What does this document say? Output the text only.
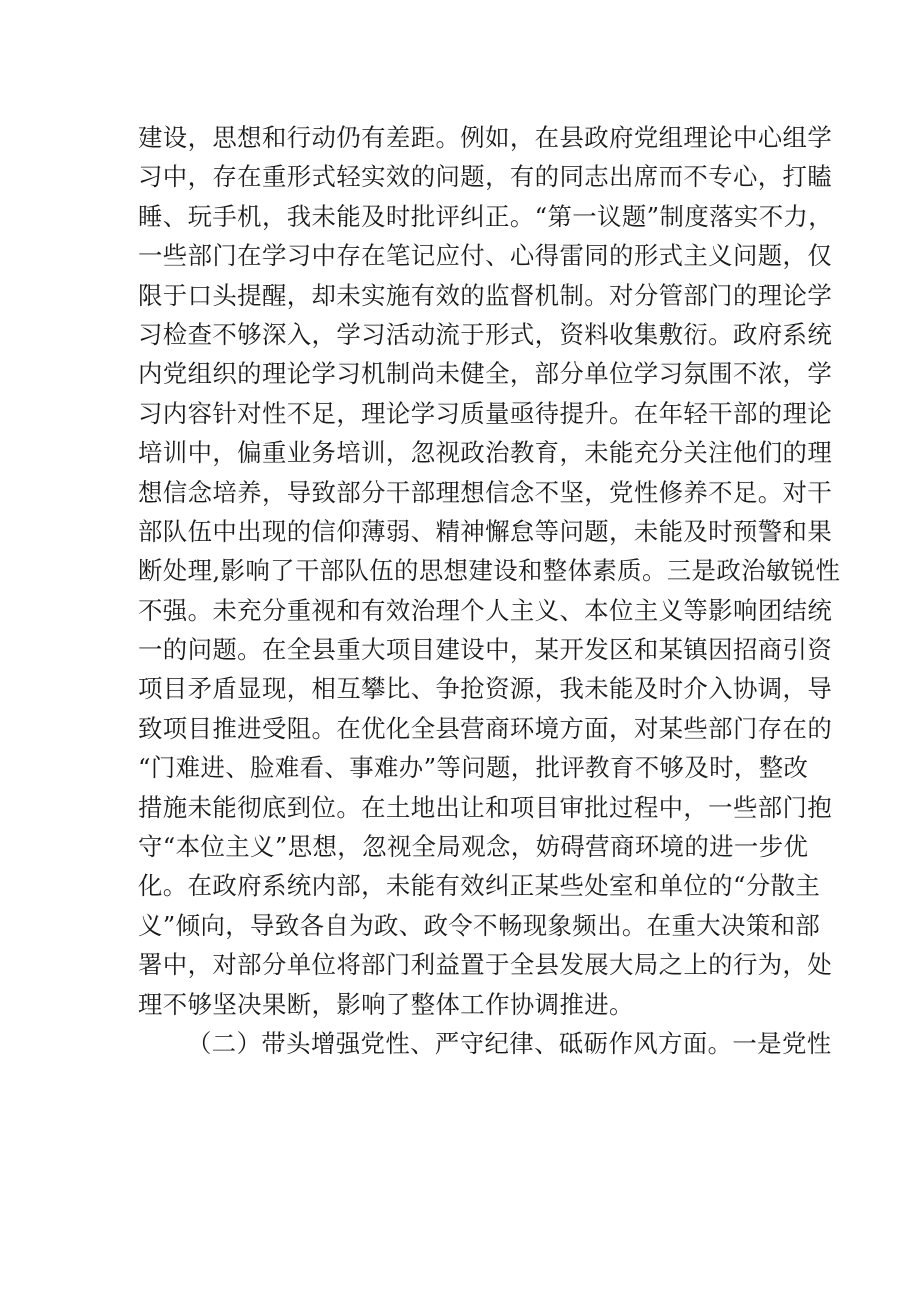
建设，思想和行动仍有差距。例如，在县政府党组理论中心组学
习中，存在重形式轻实效的问题，有的同志出席而不专心，打瞌
睡、玩手机，我未能及时批评纠正。“第一议题”制度落实不力，
一些部门在学习中存在笔记应付、心得雷同的形式主义问题，仅
限于口头提醒，却未实施有效的监督机制。对分管部门的理论学
习检查不够深入，学习活动流于形式，资料收集敷衍。政府系统
内党组织的理论学习机制尚未健全，部分单位学习氛围不浓，学
习内容针对性不足，理论学习质量亟待提升。在年轻干部的理论
培训中，偏重业务培训，忽视政治教育，未能充分关注他们的理
想信念培养，导致部分干部理想信念不坚，党性修养不足。对干
部队伍中出现的信仰薄弱、精神懈怠等问题，未能及时预警和果
断处理,影响了干部队伍的思想建设和整体素质。三是政治敏锐性
不强。未充分重视和有效治理个人主义、本位主义等影响团结统
一的问题。在全县重大项目建设中，某开发区和某镇因招商引资
项目矛盾显现，相互攀比、争抢资源，我未能及时介入协调，导
致项目推进受阻。在优化全县营商环境方面，对某些部门存在的
“门难进、脸难看、事难办”等问题，批评教育不够及时，整改
措施未能彻底到位。在土地出让和项目审批过程中，一些部门抱
守“本位主义”思想，忽视全局观念，妨碍营商环境的进一步优
化。在政府系统内部，未能有效纠正某些处室和单位的“分散主
义”倾向，导致各自为政、政令不畅现象频出。在重大决策和部
署中，对部分单位将部门利益置于全县发展大局之上的行为，处
理不够坚决果断，影响了整体工作协调推进。
（二）带头增强党性、严守纪律、砥砺作风方面。一是党性
